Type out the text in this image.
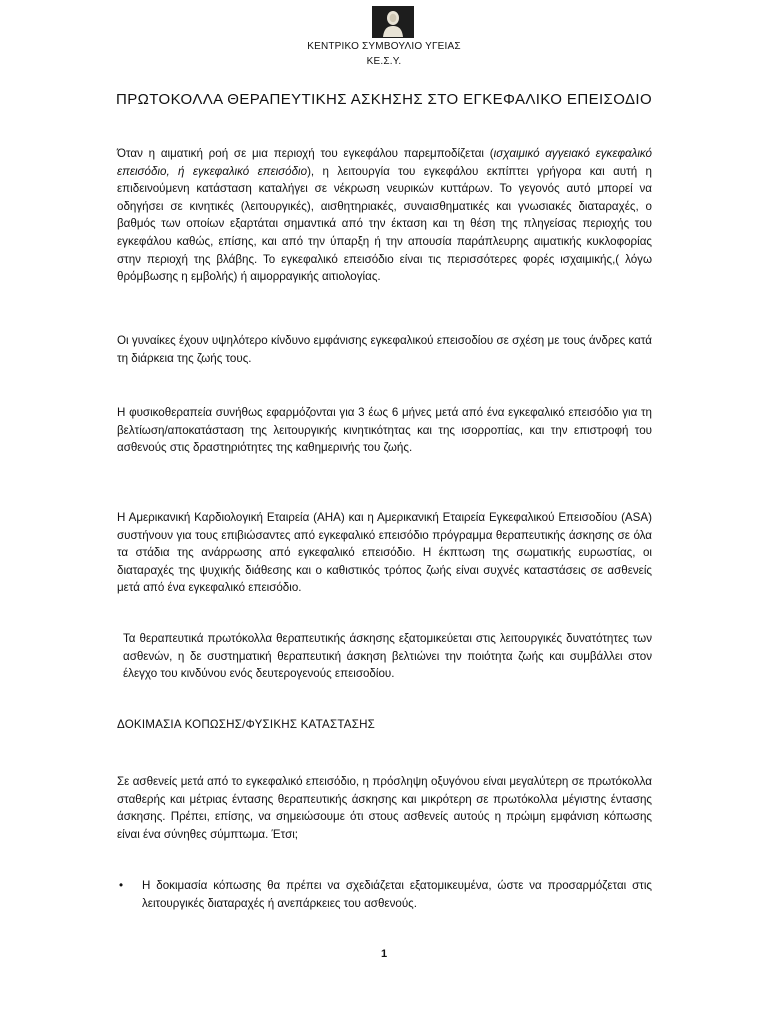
ΚΕΝΤΡΙΚΟ ΣΥΜΒΟΥΛΙΟ ΥΓΕΙΑΣ
ΚΕ.Σ.Υ.
ΠΡΩΤΟΚΟΛΛΑ ΘΕΡΑΠΕΥΤΙΚΗΣ ΑΣΚΗΣΗΣ ΣΤΟ ΕΓΚΕΦΑΛΙΚΟ ΕΠΕΙΣΟΔΙΟ

Όταν η αιματική ροή σε μια περιοχή του εγκεφάλου παρεμποδίζεται (ισχαιμικό αγγειακό εγκεφαλικό επεισόδιο, ή εγκεφαλικό επεισόδιο), η λειτουργία του εγκεφάλου εκπίπτει γρήγορα και αυτή η επιδεινούμενη κατάσταση καταλήγει σε νέκρωση νευρικών κυττάρων. Το γεγονός αυτό μπορεί να οδηγήσει σε κινητικές (λειτουργικές), αισθητηριακές, συναισθηματικές και γνωσιακές διαταραχές, ο βαθμός των οποίων εξαρτάται σημαντικά από την έκταση και τη θέση της πληγείσας περιοχής του εγκεφάλου καθώς, επίσης, και από την ύπαρξη ή την απουσία παράπλευρης αιματικής κυκλοφορίας στην περιοχή της βλάβης. Το εγκεφαλικό επεισόδιο είναι τις περισσότερες φορές ισχαιμικής,( λόγω θρόμβωσης η εμβολής) ή αιμορραγικής αιτιολογίας.

Οι γυναίκες έχουν υψηλότερο κίνδυνο εμφάνισης εγκεφαλικού επεισοδίου σε σχέση με τους άνδρες κατά τη διάρκεια της ζωής τους.

Η φυσικοθεραπεία συνήθως εφαρμόζονται για 3 έως 6 μήνες μετά από ένα εγκεφαλικό επεισόδιο για τη βελτίωση/αποκατάσταση της λειτουργικής κινητικότητας και της ισορροπίας, και την επιστροφή του ασθενούς στις δραστηριότητες της καθημερινής του ζωής.

Η Αμερικανική Καρδιολογική Εταιρεία (AHA) και η Αμερικανική Εταιρεία Εγκεφαλικού Επεισοδίου (ASA) συστήνουν για τους επιβιώσαντες από εγκεφαλικό επεισόδιο πρόγραμμα θεραπευτικής άσκησης σε όλα τα στάδια της ανάρρωσης από εγκεφαλικό επεισόδιο. Η έκπτωση της σωματικής ευρωστίας, οι διαταραχές της ψυχικής διάθεσης και ο καθιστικός τρόπος ζωής είναι συχνές καταστάσεις σε ασθενείς μετά από ένα εγκεφαλικό επεισόδιο.

Τα θεραπευτικά πρωτόκολλα θεραπευτικής άσκησης εξατομικεύεται στις λειτουργικές δυνατότητες των ασθενών, η δε συστηματική θεραπευτική άσκηση βελτιώνει την ποιότητα ζωής και συμβάλλει στον έλεγχο του κινδύνου ενός δευτερογενούς επεισοδίου.

ΔΟΚΙΜΑΣΙΑ ΚΟΠΩΣΗΣ/ΦΥΣΙΚΗΣ ΚΑΤΑΣΤΑΣΗΣ

Σε ασθενείς μετά από το εγκεφαλικό επεισόδιο, η πρόσληψη οξυγόνου είναι μεγαλύτερη σε πρωτόκολλα σταθερής και μέτριας έντασης θεραπευτικής άσκησης και μικρότερη σε πρωτόκολλα μέγιστης έντασης άσκησης. Πρέπει, επίσης, να σημειώσουμε ότι στους ασθενείς αυτούς η πρώιμη εμφάνιση κόπωσης είναι ένα σύνηθες σύμπτωμα. Έτσι;

• Η δοκιμασία κόπωσης θα πρέπει να σχεδιάζεται εξατομικευμένα, ώστε να προσαρμόζεται στις λειτουργικές διαταραχές ή ανεπάρκειες του ασθενούς.
1
